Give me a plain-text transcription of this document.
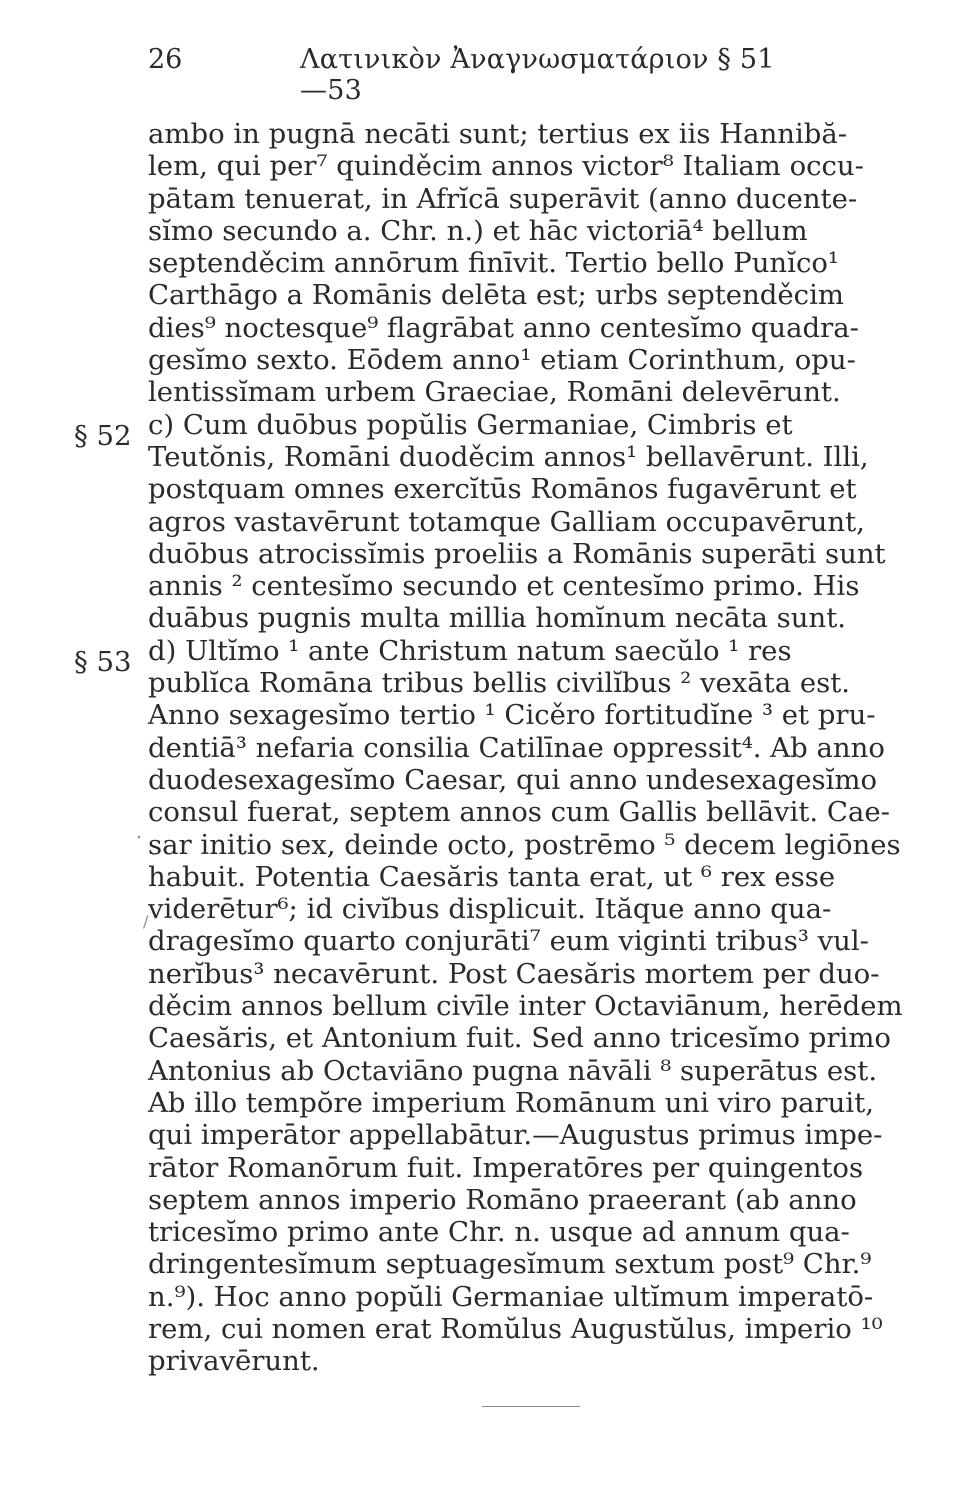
26	Λατινικὸν Ἀναγνωσματάριον § 51—53
§ 52
§ 53
ambo in pugnā necāti sunt; tertius ex iis Hannibă-
lem, qui per⁷ quinděcim annos victor⁸ Italiam occu-
pātam tenuerat, in Afrĭcā superāvit (anno ducente-
sĭmo secundo a. Chr. n.) et hāc victoriā⁴ bellum
septenděcim annōrum finīvit. Tertio bello Punĭco¹
Carthāgo a Romānis delēta est; urbs septenděcim
dies⁹ noctesque⁹ flagrābat anno centesĭmo quadra-
gesĭmo sexto. Eōdem anno¹ etiam Corinthum, opu-
lentissĭmam urbem Graeciae, Romāni delevērunt.
c) Cum duōbus popŭlis Germaniae, Cimbris et
Teutŏnis, Romāni duoděcim annos¹ bellavērunt. Illi,
postquam omnes exercĭtūs Romānos fugavērunt et
agros vastavērunt totamque Galliam occupavērunt,
duōbus atrocissĭmis proeliis a Romānis superāti sunt
annis ² centesĭmo secundo et centesĭmo primo. His
duābus pugnis multa millia homĭnum necāta sunt.
d) Ultĭmo ¹ ante Christum natum saecŭlo ¹ res
publĭca Romāna tribus bellis civilĭbus ² vexāta est.
Anno sexagesĭmo tertio ¹ Cicěro fortitudĭne ³ et pru-
dentiā³ nefaria consilia Catilīnae oppressit⁴. Ab anno
duodesexagesĭmo Caesar, qui anno undesexagesĭmo
consul fuerat, septem annos cum Gallis bellāvit. Cae-
sar initio sex, deinde octo, postrēmo ⁵ decem legiōnes
habuit. Potentia Caesăris tanta erat, ut ⁶ rex esse
viderētur⁶; id civĭbus displicuit. Ităque anno qua-
dragesĭmo quarto conjurāti⁷ eum viginti tribus³ vul-
nerĭbus³ necavērunt. Post Caesăris mortem per duo-
děcim annos bellum civīle inter Octaviānum, herēdem
Caesăris, et Antonium fuit. Sed anno tricesĭmo primo
Antonius ab Octaviāno pugna nāvāli ⁸ superātus est.
Ab illo tempŏre imperium Romānum uni viro paruit,
qui imperātor appellabātur.—Augustus primus impe-
rātor Romanōrum fuit. Imperatōres per quingentos
septem annos imperio Romāno praeerant (ab anno
tricesĭmo primo ante Chr. n. usque ad annum qua-
dringentesĭmum septuagesĭmum sextum post⁹ Chr.⁹
n.⁹). Hoc anno popŭli Germaniae ultĭmum imperatō-
rem, cui nomen erat Romŭlus Augustŭlus, imperio ¹⁰
privavērunt.
.
/
